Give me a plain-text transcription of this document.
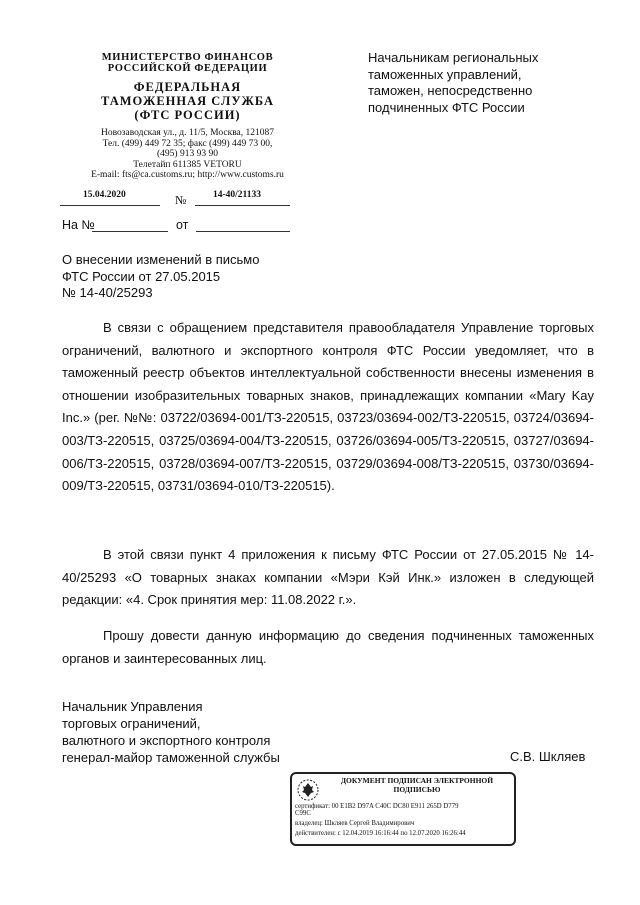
МИНИСТЕРСТВО ФИНАНСОВ
РОССИЙСКОЙ ФЕДЕРАЦИИ
ФЕДЕРАЛЬНАЯ
ТАМОЖЕННАЯ СЛУЖБА
(ФТС РОССИИ)
Новозаводская ул., д. 11/5, Москва, 121087
Тел. (499) 449 72 35; факс (499) 449 73 00,
(495) 913 93 90
Телетайп 611385 VETORU
E-mail: fts@ca.customs.ru; http://www.customs.ru
15.04.2020	№	14-40/21133
На №	от
Начальникам региональных
таможенных управлений,
таможен, непосредственно
подчиненных ФТС России
О внесении изменений в письмо
ФТС России от 27.05.2015
№ 14-40/25293

В связи с обращением представителя правообладателя Управление торговых ограничений, валютного и экспортного контроля ФТС России уведомляет, что в таможенный реестр объектов интеллектуальной собственности внесены изменения в отношении изобразительных товарных знаков, принадлежащих компании «Mary Kay Inc.» (рег. №№: 03722/03694-001/ТЗ-220515, 03723/03694-002/ТЗ-220515, 03724/03694-003/ТЗ-220515, 03725/03694-004/ТЗ-220515, 03726/03694-005/ТЗ-220515, 03727/03694-006/ТЗ-220515, 03728/03694-007/ТЗ-220515, 03729/03694-008/ТЗ-220515, 03730/03694-009/ТЗ-220515, 03731/03694-010/ТЗ-220515).

В этой связи пункт 4 приложения к письму ФТС России от 27.05.2015 № 14-40/25293 «О товарных знаках компании «Мэри Кэй Инк.» изложен в следующей редакции: «4. Срок принятия мер: 11.08.2022 г.».

Прошу довести данную информацию до сведения подчиненных таможенных органов и заинтересованных лиц.

Начальник Управления
торговых ограничений,
валютного и экспортного контроля
генерал-майор таможенной службы	С.В. Шкляев
ДОКУМЕНТ ПОДПИСАН ЭЛЕКТРОННОЙ
ПОДПИСЬЮ
сертификат: 00 E1B2 D97A C40C DC80 E911 265D D779
C99C
владелец: Шкляев Сергей Владимирович
действителен: с 12.04.2019 16:16:44 по 12.07.2020 16:26:44
